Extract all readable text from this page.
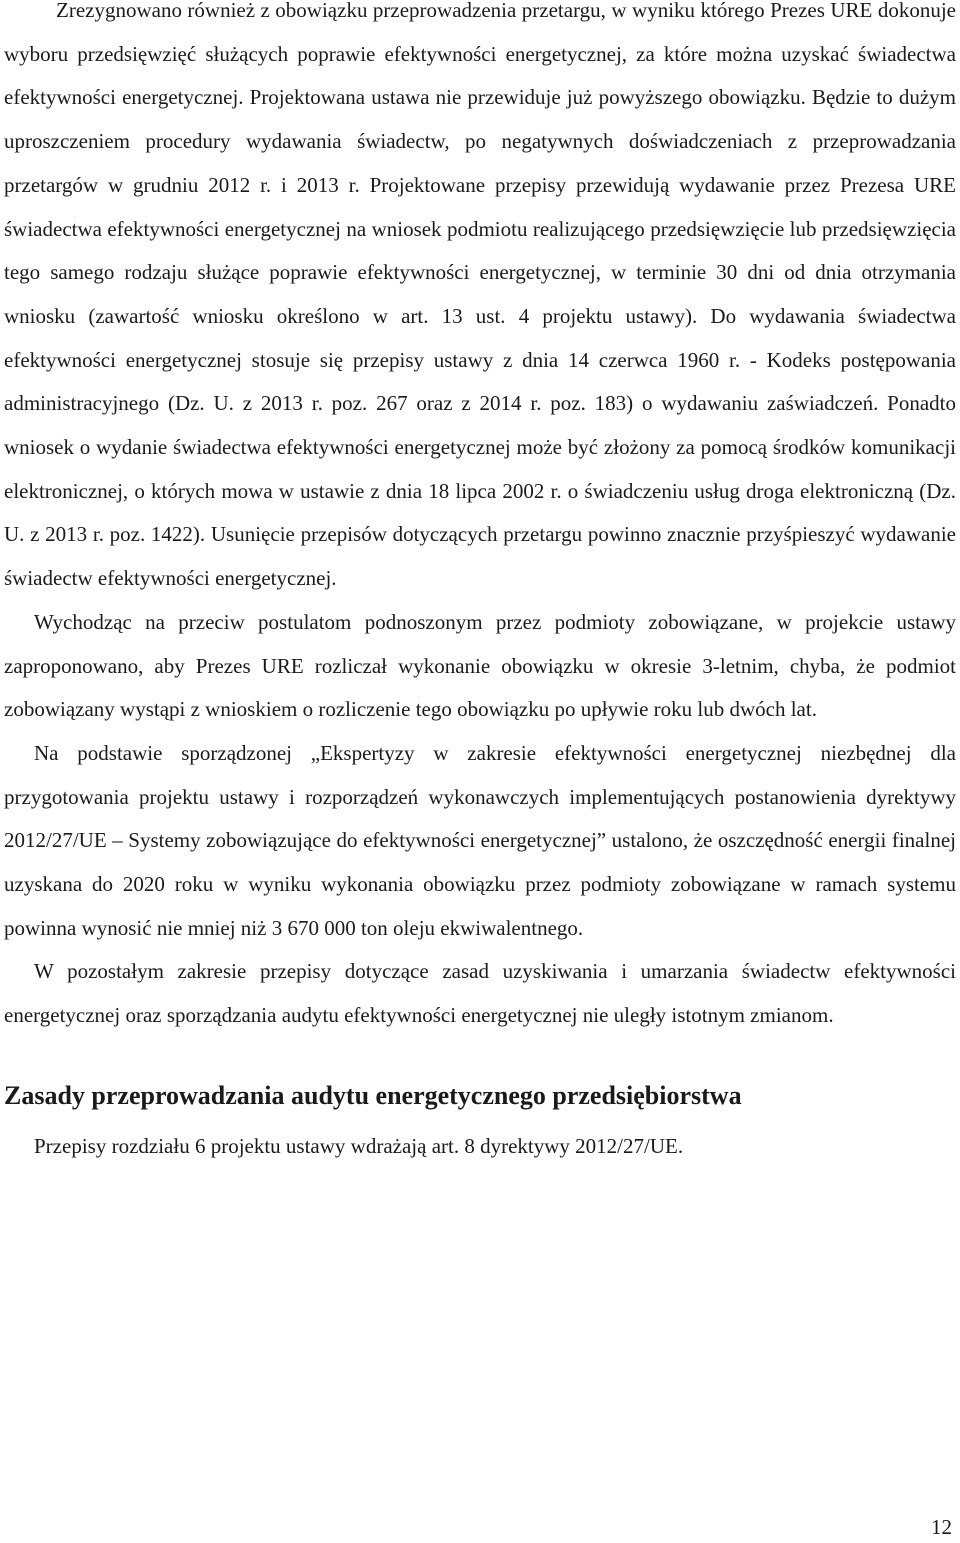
Zrezygnowano również z obowiązku przeprowadzenia przetargu, w wyniku którego Prezes URE dokonuje wyboru przedsięwzięć służących poprawie efektywności energetycznej, za które można uzyskać świadectwa efektywności energetycznej. Projektowana ustawa nie przewiduje już powyższego obowiązku. Będzie to dużym uproszczeniem procedury wydawania świadectw, po negatywnych doświadczeniach z przeprowadzania przetargów w grudniu 2012 r. i 2013 r. Projektowane przepisy przewidują wydawanie przez Prezesa URE świadectwa efektywności energetycznej na wniosek podmiotu realizującego przedsięwzięcie lub przedsięwzięcia tego samego rodzaju służące poprawie efektywności energetycznej, w terminie 30 dni od dnia otrzymania wniosku (zawartość wniosku określono w art. 13 ust. 4 projektu ustawy). Do wydawania świadectwa efektywności energetycznej stosuje się przepisy ustawy z dnia 14 czerwca 1960 r. - Kodeks postępowania administracyjnego (Dz. U. z 2013 r. poz. 267 oraz z 2014 r. poz. 183) o wydawaniu zaświadczeń. Ponadto wniosek o wydanie świadectwa efektywności energetycznej może być złożony za pomocą środków komunikacji elektronicznej, o których mowa w ustawie z dnia 18 lipca 2002 r. o świadczeniu usług droga elektroniczną (Dz. U. z 2013 r. poz. 1422). Usunięcie przepisów dotyczących przetargu powinno znacznie przyśpieszyć wydawanie świadectw efektywności energetycznej.

Wychodząc na przeciw postulatom podnoszonym przez podmioty zobowiązane, w projekcie ustawy zaproponowano, aby Prezes URE rozliczał wykonanie obowiązku w okresie 3-letnim, chyba, że podmiot zobowiązany wystąpi z wnioskiem o rozliczenie tego obowiązku po upływie roku lub dwóch lat.

Na podstawie sporządzonej „Ekspertyzy w zakresie efektywności energetycznej niezbędnej dla przygotowania projektu ustawy i rozporządzeń wykonawczych implementujących postanowienia dyrektywy 2012/27/UE – Systemy zobowiązujące do efektywności energetycznej” ustalono, że oszczędność energii finalnej uzyskana do 2020 roku w wyniku wykonania obowiązku przez podmioty zobowiązane w ramach systemu powinna wynosić nie mniej niż 3 670 000 ton oleju ekwiwalentnego.

W pozostałym zakresie przepisy dotyczące zasad uzyskiwania i umarzania świadectw efektywności energetycznej oraz sporządzania audytu efektywności energetycznej nie uległy istotnym zmianom.

Zasady przeprowadzania audytu energetycznego przedsiębiorstwa

Przepisy rozdziału 6 projektu ustawy wdrażają art. 8 dyrektywy 2012/27/UE.

12
